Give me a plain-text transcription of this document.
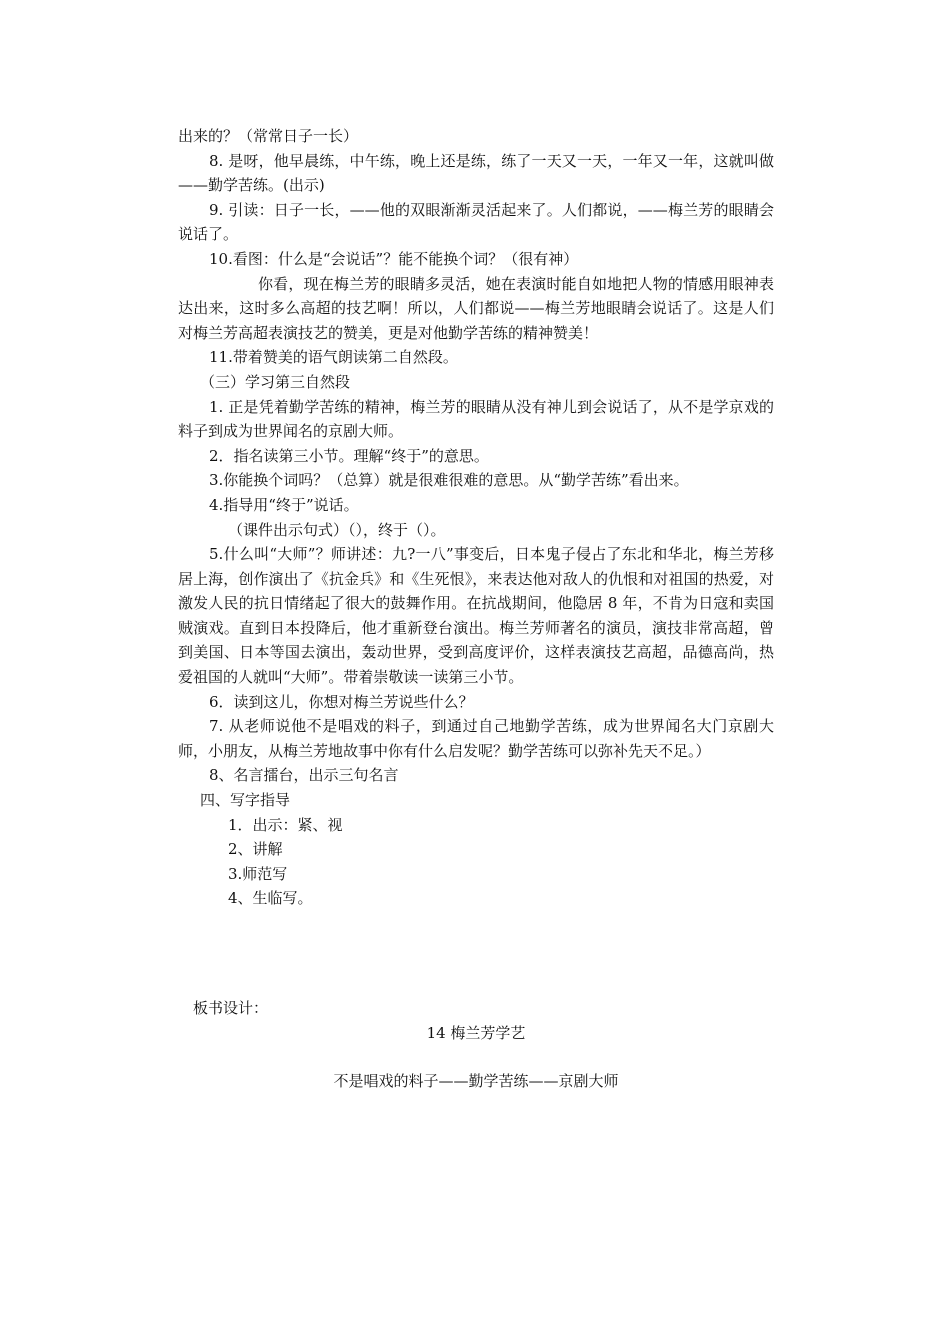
出来的？（常常日子一长）

8. 是呀，他早晨练，中午练，晚上还是练，练了一天又一天，一年又一年，这就叫做——勤学苦练。(出示)

9. 引读：日子一长，——他的双眼渐渐灵活起来了。人们都说，——梅兰芳的眼睛会说话了。

10.看图：什么是“会说话”？能不能换个词？（很有神）

你看，现在梅兰芳的眼睛多灵活，她在表演时能自如地把人物的情感用眼神表达出来，这时多么高超的技艺啊！所以，人们都说——梅兰芳地眼睛会说话了。这是人们对梅兰芳高超表演技艺的赞美，更是对他勤学苦练的精神赞美！

11.带着赞美的语气朗读第二自然段。

（三）学习第三自然段

1. 正是凭着勤学苦练的精神，梅兰芳的眼睛从没有神儿到会说话了，从不是学京戏的料子到成为世界闻名的京剧大师。

2．指名读第三小节。理解“终于”的意思。

3.你能换个词吗？（总算）就是很难很难的意思。从“勤学苦练”看出来。

4.指导用“终于”说话。

（课件出示句式）（），终于（）。

5.什么叫“大师”？师讲述：九?一八”事变后，日本鬼子侵占了东北和华北，梅兰芳移居上海，创作演出了《抗金兵》和《生死恨》，来表达他对敌人的仇恨和对祖国的热爱，对激发人民的抗日情绪起了很大的鼓舞作用。在抗战期间，他隐居 8 年，不肯为日寇和卖国贼演戏。直到日本投降后，他才重新登台演出。梅兰芳师著名的演员，演技非常高超，曾到美国、日本等国去演出，轰动世界，受到高度评价，这样表演技艺高超，品德高尚，热爱祖国的人就叫“大师”。带着崇敬读一读第三小节。

6．读到这儿，你想对梅兰芳说些什么？

7. 从老师说他不是唱戏的料子，到通过自己地勤学苦练，成为世界闻名大门京剧大师，小朋友，从梅兰芳地故事中你有什么启发呢？勤学苦练可以弥补先天不足。）

8、名言擂台，出示三句名言

四、写字指导

1．出示：紧、视

2、讲解

3.师范写

4、生临写。

板书设计：
14 梅兰芳学艺
不是唱戏的料子——勤学苦练——京剧大师
